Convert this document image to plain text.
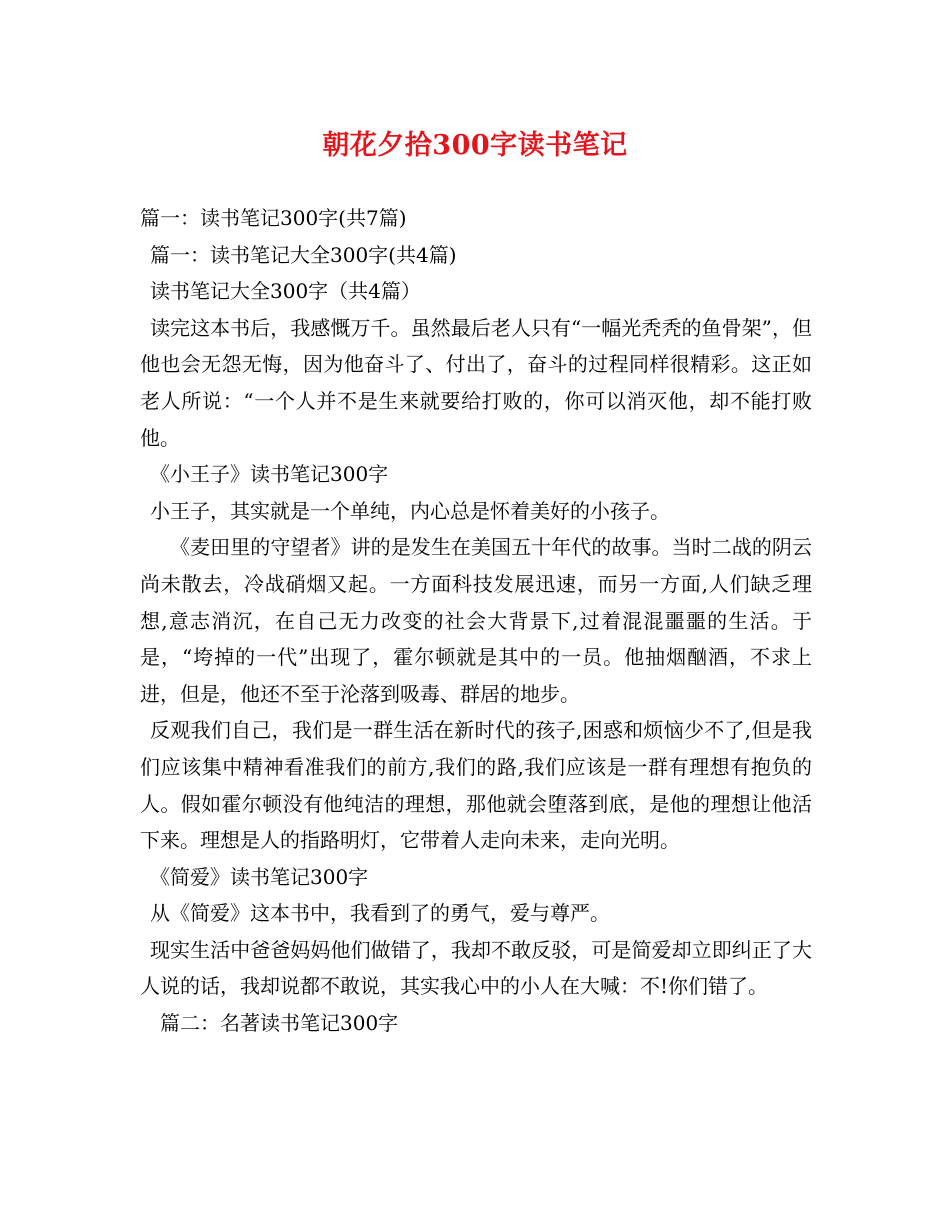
朝花夕拾300字读书笔记

篇一：读书笔记300字(共7篇)

篇一：读书笔记大全300字(共4篇)

读书笔记大全300字（共4篇）

读完这本书后，我感慨万千。虽然最后老人只有“一幅光秃秃的鱼骨架”，但他也会无怨无悔，因为他奋斗了、付出了，奋斗的过程同样很精彩。这正如老人所说：“一个人并不是生来就要给打败的，你可以消灭他，却不能打败他。

《小王子》读书笔记300字

小王子，其实就是一个单纯，内心总是怀着美好的小孩子。

《麦田里的守望者》讲的是发生在美国五十年代的故事。当时二战的阴云尚未散去，冷战硝烟又起。一方面科技发展迅速，而另一方面,人们缺乏理想,意志消沉，在自己无力改变的社会大背景下,过着混混噩噩的生活。于是，“垮掉的一代”出现了，霍尔顿就是其中的一员。他抽烟酗酒，不求上进，但是，他还不至于沦落到吸毒、群居的地步。

反观我们自己，我们是一群生活在新时代的孩子,困惑和烦恼少不了,但是我们应该集中精神看准我们的前方,我们的路,我们应该是一群有理想有抱负的人。假如霍尔顿没有他纯洁的理想，那他就会堕落到底，是他的理想让他活下来。理想是人的指路明灯，它带着人走向未来，走向光明。

《简爱》读书笔记300字

从《简爱》这本书中，我看到了的勇气，爱与尊严。

现实生活中爸爸妈妈他们做错了，我却不敢反驳，可是简爱却立即纠正了大人说的话，我却说都不敢说，其实我心中的小人在大喊：不!你们错了。

篇二：名著读书笔记300字
